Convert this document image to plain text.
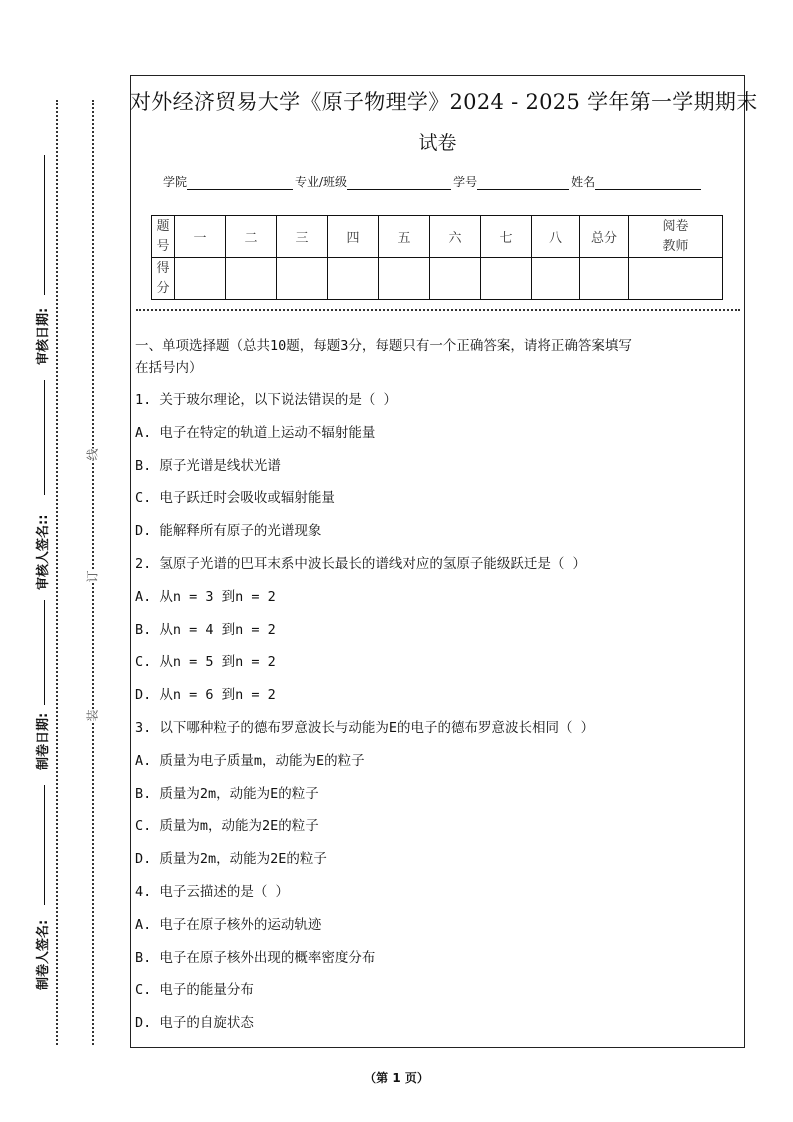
审核日期:
审核人签名::
制卷日期:
制卷人签名:
线
订
装
对外经济贸易大学《原子物理学》2024 - 2025 学年第一学期期末
试卷
学院	专业/班级	学号	姓名
题号	一	二	三	四	五	六	七	八	总分	阅卷教师
得分										
一、单项选择题（总共10题，每题3分，每题只有一个正确答案，请将正确答案填写
在括号内）
1. 关于玻尔理论，以下说法错误的是（ ）
A. 电子在特定的轨道上运动不辐射能量
B. 原子光谱是线状光谱
C. 电子跃迁时会吸收或辐射能量
D. 能解释所有原子的光谱现象
2. 氢原子光谱的巴耳末系中波长最长的谱线对应的氢原子能级跃迁是（ ）
A. 从n = 3 到n = 2
B. 从n = 4 到n = 2
C. 从n = 5 到n = 2
D. 从n = 6 到n = 2
3. 以下哪种粒子的德布罗意波长与动能为E的电子的德布罗意波长相同（ ）
A. 质量为电子质量m，动能为E的粒子
B. 质量为2m，动能为E的粒子
C. 质量为m，动能为2E的粒子
D. 质量为2m，动能为2E的粒子
4. 电子云描述的是（ ）
A. 电子在原子核外的运动轨迹
B. 电子在原子核外出现的概率密度分布
C. 电子的能量分布
D. 电子的自旋状态
（第 1 页）
